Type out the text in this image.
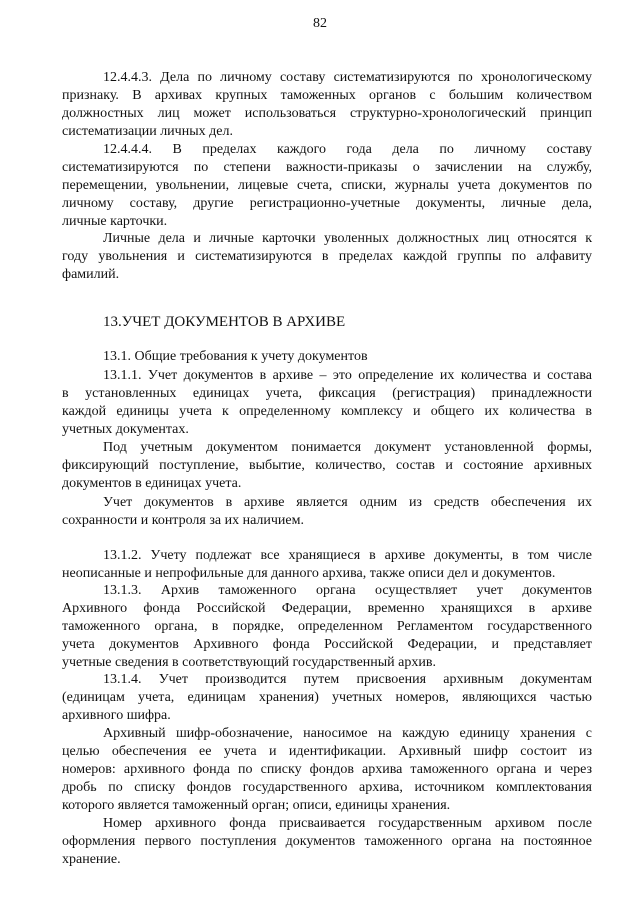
82
12.4.4.3. Дела по личному составу систематизируются по хронологическому
признаку. В архивах крупных таможенных органов с большим количеством
должностных лиц может использоваться структурно-хронологический принцип
систематизации личных дел.
12.4.4.4. В пределах каждого года дела по личному составу
систематизируются по степени важности-приказы о зачислении на службу,
перемещении, увольнении, лицевые счета, списки, журналы учета документов по
личному составу, другие регистрационно-учетные документы, личные дела,
личные карточки.
Личные дела и личные карточки уволенных должностных лиц относятся к
году увольнения и систематизируются в пределах каждой группы по алфавиту
фамилий.
13.УЧЕТ ДОКУМЕНТОВ В АРХИВЕ
13.1. Общие требования к учету документов
13.1.1. Учет документов в архиве – это определение их количества и состава
в установленных единицах учета, фиксация (регистрация) принадлежности
каждой единицы учета к определенному комплексу и общего их количества в
учетных документах.
Под учетным документом понимается документ установленной формы,
фиксирующий поступление, выбытие, количество, состав и состояние архивных
документов в единицах учета.
Учет документов в архиве является одним из средств обеспечения их
сохранности и контроля за их наличием.
13.1.2. Учету подлежат все хранящиеся в архиве документы, в том числе
неописанные и непрофильные для данного архива, также описи дел и документов.
13.1.3. Архив таможенного органа осуществляет учет документов
Архивного фонда Российской Федерации, временно хранящихся в архиве
таможенного органа, в порядке, определенном Регламентом государственного
учета документов Архивного фонда Российской Федерации, и представляет
учетные сведения в соответствующий государственный архив.
13.1.4. Учет производится путем присвоения архивным документам
(единицам учета, единицам хранения) учетных номеров, являющихся частью
архивного шифра.
Архивный шифр-обозначение, наносимое на каждую единицу хранения с
целью обеспечения ее учета и идентификации. Архивный шифр состоит из
номеров: архивного фонда по списку фондов архива таможенного органа и через
дробь по списку фондов государственного архива, источником комплектования
которого является таможенный орган; описи, единицы хранения.
Номер архивного фонда присваивается государственным архивом после
оформления первого поступления документов таможенного органа на постоянное
хранение.
